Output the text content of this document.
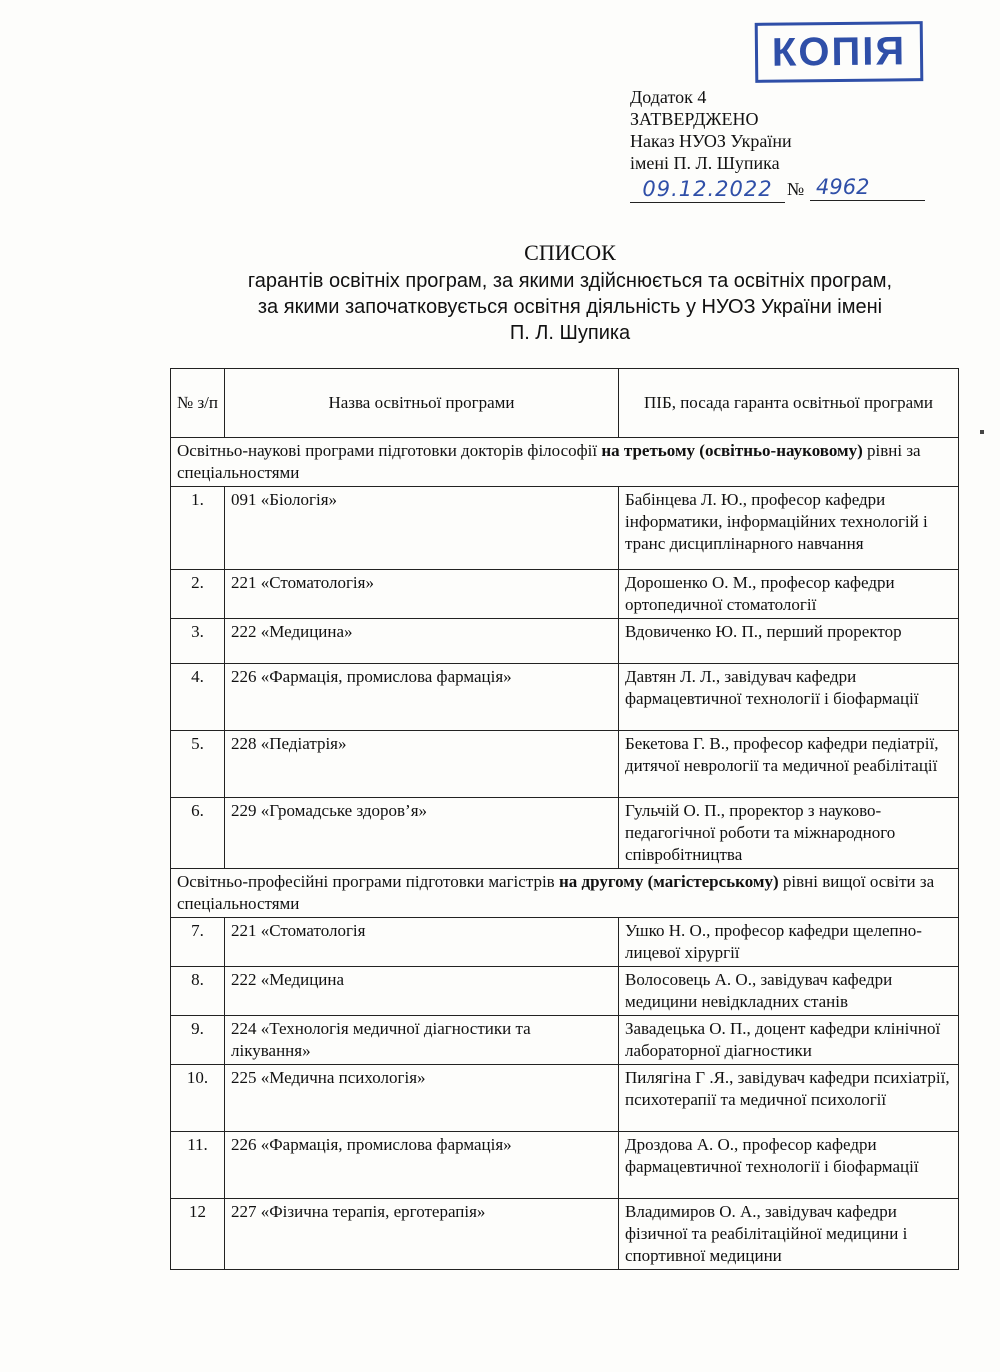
КОПІЯ
Додаток 4
ЗАТВЕРДЖЕНО
Наказ НУОЗ України
імені П. Л. Шупика
09.12.2022 № 4962
СПИСОК
гарантів освітніх програм, за якими здійснюється та освітніх програм,
за якими започатковується освітня діяльність у НУОЗ України імені
П. Л. Шупика
№ з/п	Назва освітньої програми	ПІБ, посада гаранта освітньої програми
Освітньо-наукові програми підготовки докторів філософії на третьому (освітньо-науковому) рівні за спеціальностями		
1.	091 «Біологія»	Бабінцева Л. Ю., професор кафедри інформатики, інформаційних технологій і транс дисциплінарного навчання
2.	221 «Стоматологія»	Дорошенко О. М., професор кафедри ортопедичної стоматології
3.	222 «Медицина»	Вдовиченко Ю. П., перший проректор
4.	226 «Фармація, промислова фармація»	Давтян Л. Л., завідувач кафедри фармацевтичної технології і біофармації
5.	228 «Педіатрія»	Бекетова Г. В., професор кафедри педіатрії, дитячої неврології та медичної реабілітації
6.	229 «Громадське здоров’я»	Гульчій О. П., проректор з науково-педагогічної роботи та міжнародного співробітництва
Освітньо-професійні програми підготовки магістрів на другому (магістерському) рівні вищої освіти за спеціальностями		
7.	221 «Стоматологія	Ушко Н. О., професор кафедри щелепно-лицевої хірургії
8.	222 «Медицина	Волосовець А. О., завідувач кафедри медицини невідкладних станів
9.	224 «Технологія медичної діагностики та лікування»	Завадецька О. П., доцент кафедри клінічної лабораторної діагностики
10.	225 «Медична психологія»	Пилягіна Г .Я., завідувач кафедри психіатрії, психотерапії та медичної психології
11.	226 «Фармація, промислова фармація»	Дроздова А. О., професор кафедри фармацевтичної технології і біофармації
12	227 «Фізична терапія, ерготерапія»	Владимиров О. А., завідувач кафедри фізичної та реабілітаційної медицини і спортивної медицини
